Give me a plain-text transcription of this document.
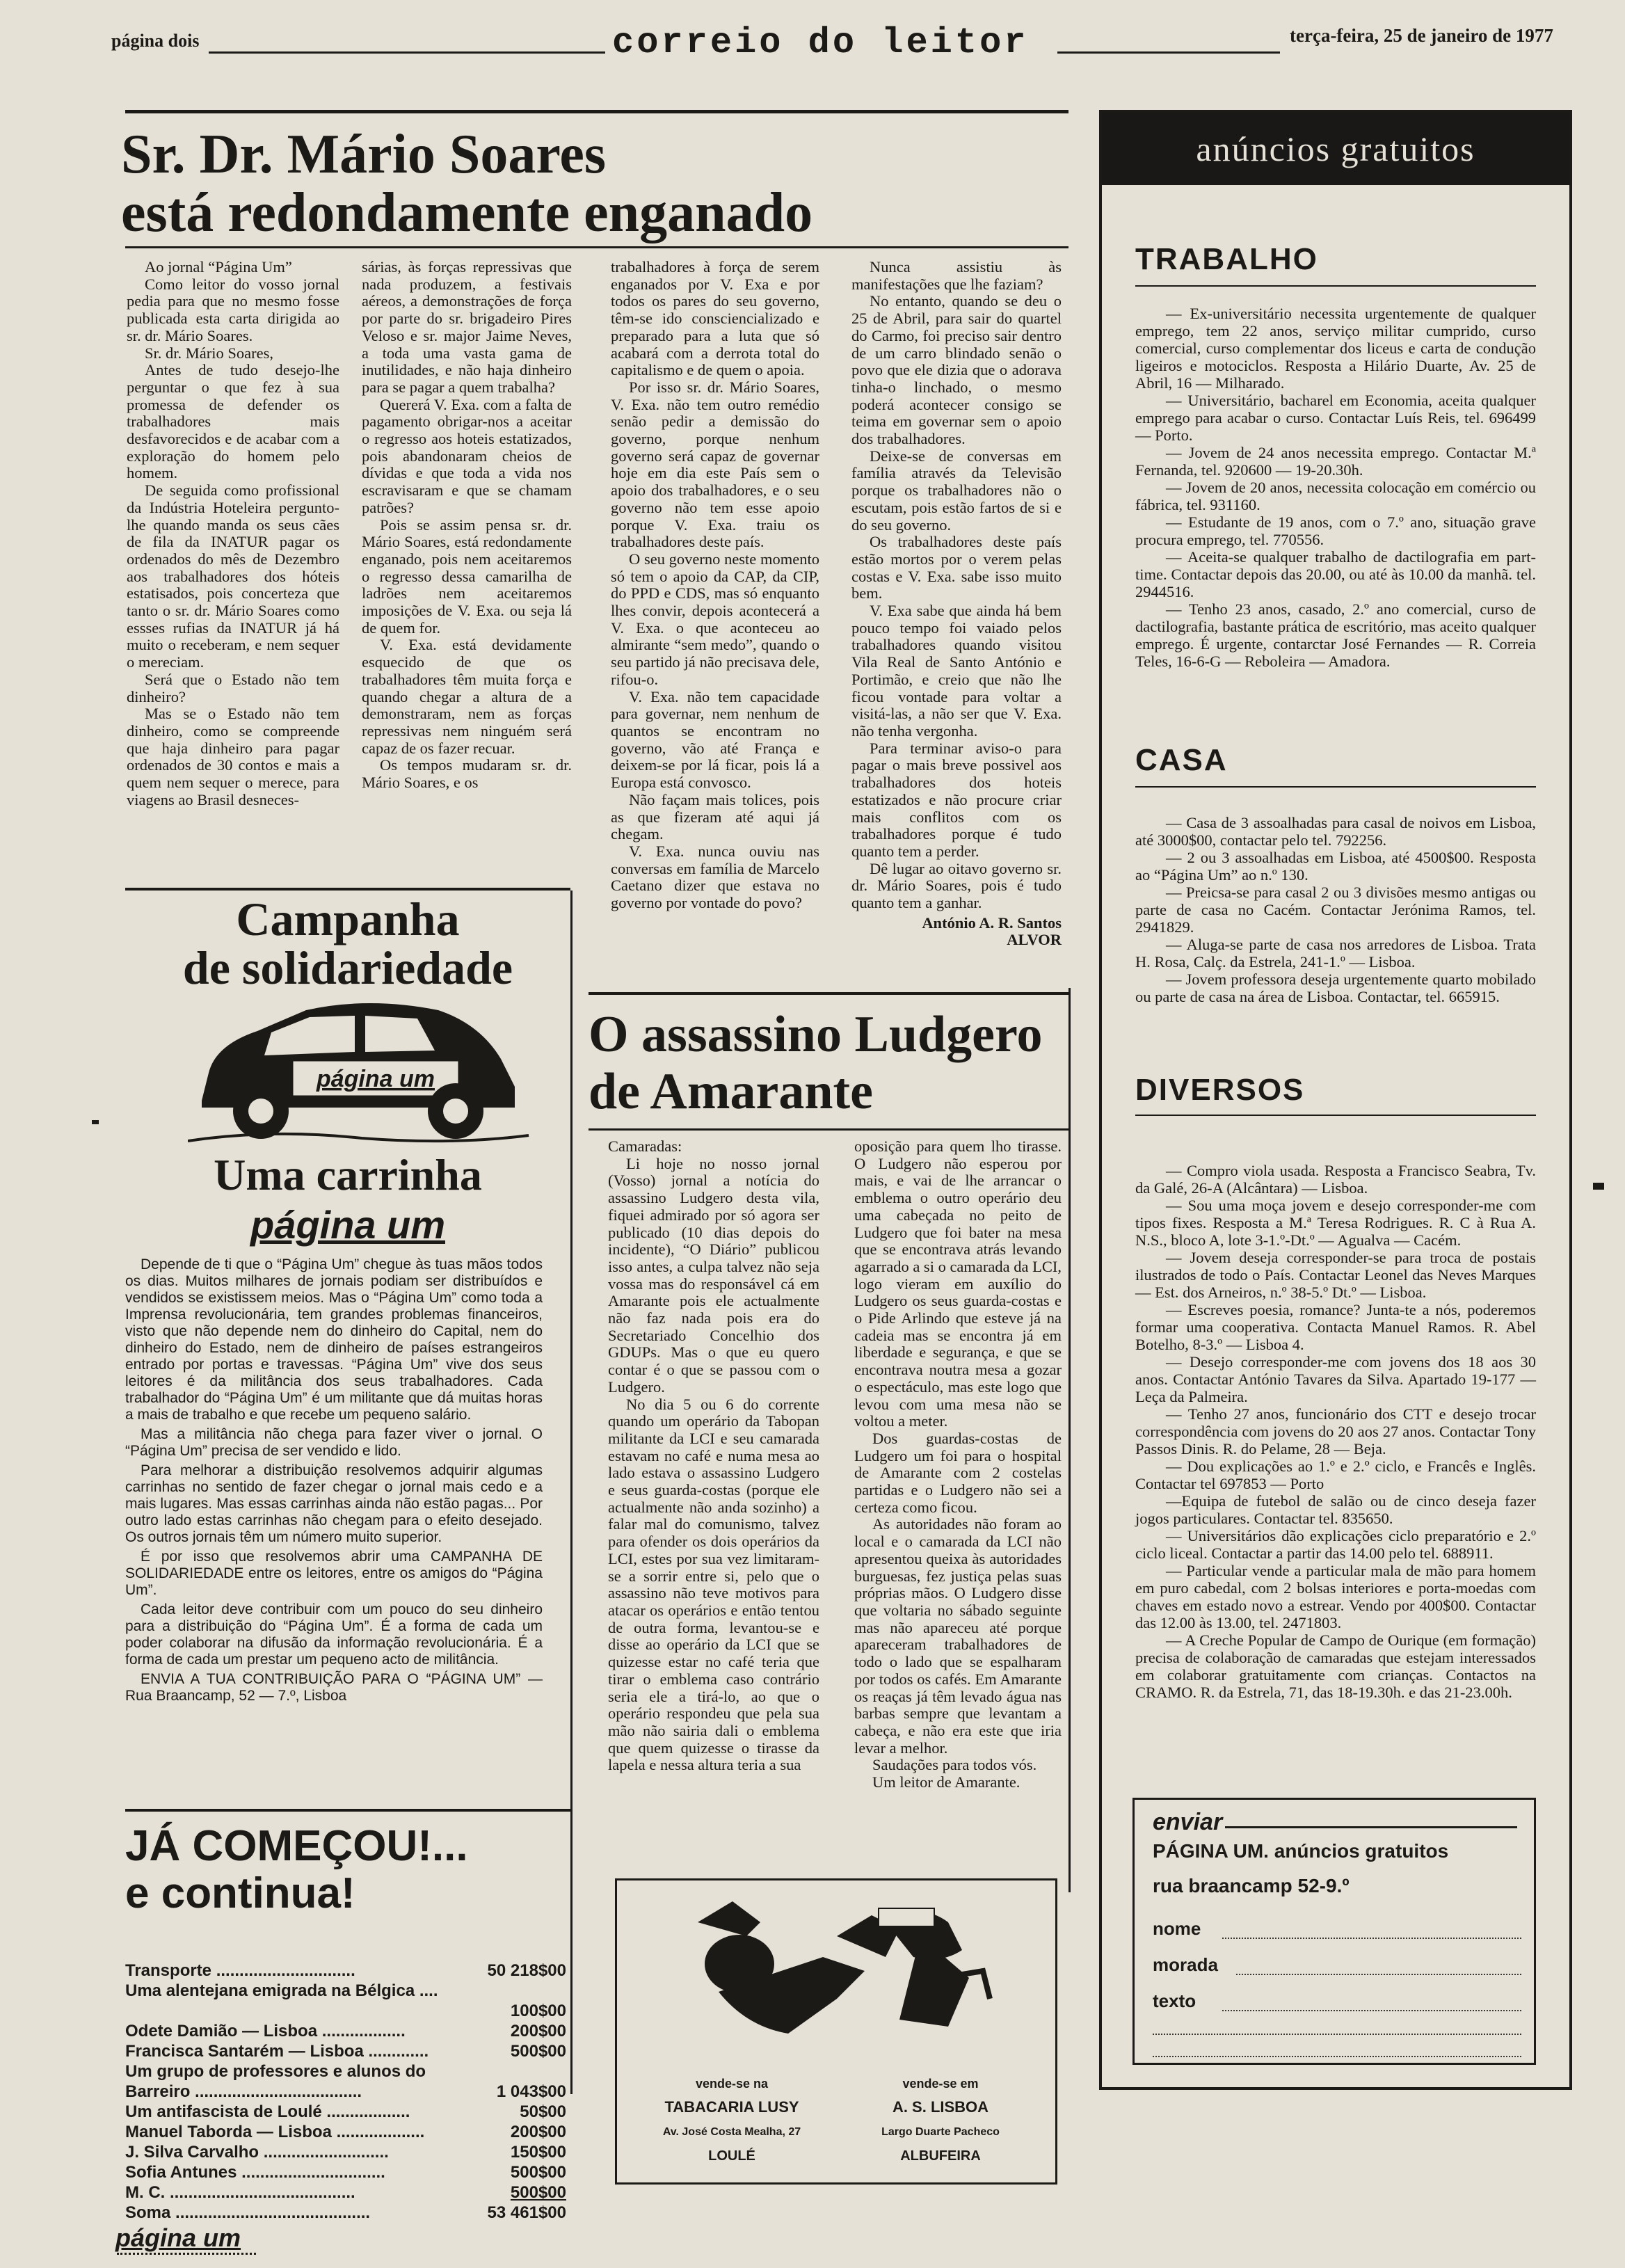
página dois	correio do leitor	terça-feira, 25 de janeiro de 1977
Sr. Dr. Mário Soares
está redondamente enganado

Ao jornal “Página Um”

Como leitor do vosso jornal pedia para que no mesmo fosse publicada esta carta dirigida ao sr. dr. Mário Soares.

Sr. dr. Mário Soares,

Antes de tudo desejo-lhe perguntar o que fez à sua promessa de defender os trabalhadores mais desfavorecidos e de acabar com a exploração do homem pelo homem.

De seguida como profissional da Indústria Hoteleira pergunto-lhe quando manda os seus cães de fila da INATUR pagar os ordenados do mês de Dezembro aos trabalhadores dos hóteis estatisados, pois concerteza que tanto o sr. dr. Mário Soares como essses rufias da INATUR já há muito o receberam, e nem sequer o mereciam.

Será que o Estado não tem dinheiro?

Mas se o Estado não tem dinheiro, como se compreende que haja dinheiro para pagar ordenados de 30 contos e mais a quem nem sequer o merece, para viagens ao Brasil desneces-

sárias, às forças repressivas que nada produzem, a festivais aéreos, a demonstrações de força por parte do sr. brigadeiro Pires Veloso e sr. major Jaime Neves, a toda uma vasta gama de inutilidades, e não haja dinheiro para se pagar a quem trabalha?

Quererá V. Exa. com a falta de pagamento obrigar-nos a aceitar o regresso aos hoteis estatizados, pois abandonaram cheios de dívidas e que toda a vida nos escravisaram e que se chamam patrões?

Pois se assim pensa sr. dr. Mário Soares, está redondamente enganado, pois nem aceitaremos o regresso dessa camarilha de ladrões nem aceitaremos imposições de V. Exa. ou seja lá de quem for.

V. Exa. está devidamente esquecido de que os trabalhadores têm muita força e quando chegar a altura de a demonstraram, nem as forças repressivas nem ninguém será capaz de os fazer recuar.

Os tempos mudaram sr. dr. Mário Soares, e os

trabalhadores à força de serem enganados por V. Exa e por todos os pares do seu governo, têm-se ido consciencializado e preparado para a luta que só acabará com a derrota total do capitalismo e de quem o apoia.

Por isso sr. dr. Mário Soares, V. Exa. não tem outro remédio senão pedir a demissão do governo, porque nenhum governo será capaz de governar hoje em dia este País sem o apoio dos trabalhadores, e o seu governo não tem esse apoio porque V. Exa. traiu os trabalhadores deste país.

O seu governo neste momento só tem o apoio da CAP, da CIP, do PPD e CDS, mas só enquanto lhes convir, depois acontecerá a V. Exa. o que aconteceu ao almirante “sem medo”, quando o seu partido já não precisava dele, rifou-o.

V. Exa. não tem capacidade para governar, nem nenhum de quantos se encontram no governo, vão até França e deixem-se por lá ficar, pois lá a Europa está convosco.

Não façam mais tolices, pois as que fizeram até aqui já chegam.

V. Exa. nunca ouviu nas conversas em família de Marcelo Caetano dizer que estava no governo por vontade do povo?

Nunca assistiu às manifestações que lhe faziam?

No entanto, quando se deu o 25 de Abril, para sair do quartel do Carmo, foi preciso sair dentro de um carro blindado senão o povo que ele dizia que o adorava tinha-o linchado, o mesmo poderá acontecer consigo se teima em governar sem o apoio dos trabalhadores.

Deixe-se de conversas em família através da Televisão porque os trabalhadores não o escutam, pois estão fartos de si e do seu governo.

Os trabalhadores deste país estão mortos por o verem pelas costas e V. Exa. sabe isso muito bem.

V. Exa sabe que ainda há bem pouco tempo foi vaiado pelos trabalhadores quando visitou Vila Real de Santo António e Portimão, e creio que não lhe ficou vontade para voltar a visitá-las, a não ser que V. Exa. não tenha vergonha.

Para terminar aviso-o para pagar o mais breve possivel aos trabalhadores dos hoteis estatizados e não procure criar mais conflitos com os trabalhadores porque é tudo quanto tem a perder.

Dê lugar ao oitavo governo sr. dr. Mário Soares, pois é tudo quanto tem a ganhar.

António A. R. Santos
ALVOR
Campanha
de solidariedade
página um
Uma carrinha
página um

Depende de ti que o “Página Um” chegue às tuas mãos todos os dias. Muitos milhares de jornais podiam ser distribuídos e vendidos se existissem meios. Mas o “Página Um” como toda a Imprensa revolucionária, tem grandes problemas financeiros, visto que não depende nem do dinheiro do Capital, nem do dinheiro do Estado, nem de dinheiro de países estrangeiros entrado por portas e travessas. “Página Um” vive dos seus leitores é da militância dos seus trabalhadores. Cada trabalhador do “Página Um” é um militante que dá muitas horas a mais de trabalho e que recebe um pequeno salário.

Mas a militância não chega para fazer viver o jornal. O “Página Um” precisa de ser vendido e lido.

Para melhorar a distribuição resolvemos adquirir algumas carrinhas no sentido de fazer chegar o jornal mais cedo e a mais lugares. Mas essas carrinhas ainda não estão pagas... Por outro lado estas carrinhas não chegam para o efeito desejado. Os outros jornais têm um número muito superior.

É por isso que resolvemos abrir uma CAMPANHA DE SOLIDARIEDADE entre os leitores, entre os amigos do “Página Um”.

Cada leitor deve contribuir com um pouco do seu dinheiro para a distribuição do “Página Um”. É a forma de cada um poder colaborar na difusão da informação revolucionária. É a forma de cada um prestar um pequeno acto de militância.

ENVIA A TUA CONTRIBUIÇÃO PARA O “PÁGINA UM” — Rua Braancamp, 52 — 7.º, Lisboa

JÁ COMEÇOU!...
e continua!
Transporte ..............................	50 218$00
Uma alentejana emigrada na Bélgica ....
100$00
Odete Damião — Lisboa ..................	200$00
Francisca Santarém — Lisboa .............	500$00
Um grupo de professores e alunos do
Barreiro ....................................	1 043$00
Um antifascista de Loulé ..................	50$00
Manuel Taborda — Lisboa ...................	200$00
J. Silva Carvalho ...........................	150$00
Sofia Antunes ...............................	500$00
M. C. ........................................	500$00
Soma ..........................................	53 461$00
página um
O assassino Ludgero
de Amarante

Camaradas:

Li hoje no nosso jornal (Vosso) jornal a notícia do assassino Ludgero desta vila, fiquei admirado por só agora ser publicado (10 dias depois do incidente), “O Diário” publicou isso antes, a culpa talvez não seja vossa mas do responsável cá em Amarante pois ele actualmente não faz nada pois era do Secretariado Concelhio dos GDUPs. Mas o que eu quero contar é o que se passou com o Ludgero.

No dia 5 ou 6 do corrente quando um operário da Tabopan militante da LCI e seu camarada estavam no café e numa mesa ao lado estava o assassino Ludgero e seus guarda-costas (porque ele actualmente não anda sozinho) a falar mal do comunismo, talvez para ofender os dois operários da LCI, estes por sua vez limitaram-se a sorrir entre si, pelo que o assassino não teve motivos para atacar os operários e então tentou de outra forma, levantou-se e disse ao operário da LCI que se quizesse estar no café teria que tirar o emblema caso contrário seria ele a tirá-lo, ao que o operário respondeu que pela sua mão não sairia dali o emblema que quem quizesse o tirasse da lapela e nessa altura teria a sua

oposição para quem lho tirasse. O Ludgero não esperou por mais, e vai de lhe arrancar o emblema o outro operário deu uma cabeçada no peito de Ludgero que foi bater na mesa que se encontrava atrás levando agarrado a si o camarada da LCI, logo vieram em auxílio do Ludgero os seus guarda-costas e o Pide Arlindo que esteve já na cadeia mas se encontra já em liberdade e segurança, e que se encontrava noutra mesa a gozar o espectáculo, mas este logo que levou com uma mesa não se voltou a meter.

Dos guardas-costas de Ludgero um foi para o hospital de Amarante com 2 costelas partidas e o Ludgero não sei a certeza como ficou.

As autoridades não foram ao local e o camarada da LCI não apresentou queixa às autoridades burguesas, fez justiça pelas suas próprias mãos. O Ludgero disse que voltaria no sábado seguinte mas não apareceu até porque apareceram trabalhadores de todo o lado que se espalharam por todos os cafés. Em Amarante os reaças já têm levado água nas barbas sempre que levantam a cabeça, e não era este que iria levar a melhor.

Saudações para todos vós.

Um leitor de Amarante.

vende-se na
TABACARIA LUSY
Av. José Costa Mealha, 27
LOULÉ
vende-se em
A. S. LISBOA
Largo Duarte Pacheco
ALBUFEIRA
anúncios gratuitos
TRABALHO

— Ex-universitário necessita urgentemente de qualquer emprego, tem 22 anos, serviço militar cumprido, curso comercial, curso complementar dos liceus e carta de condução ligeiros e motociclos. Resposta a Hilário Duarte, Av. 25 de Abril, 16 — Milharado.

— Universitário, bacharel em Economia, aceita qualquer emprego para acabar o curso. Contactar Luís Reis, tel. 696499 — Porto.

— Jovem de 24 anos necessita emprego. Contactar M.ª Fernanda, tel. 920600 — 19-20.30h.

— Jovem de 20 anos, necessita colocação em comércio ou fábrica, tel. 931160.

— Estudante de 19 anos, com o 7.º ano, situação grave procura emprego, tel. 770556.

— Aceita-se qualquer trabalho de dactilografia em part-time. Contactar depois das 20.00, ou até às 10.00 da manhã. tel. 2944516.

— Tenho 23 anos, casado, 2.º ano comercial, curso de dactilografia, bastante prática de escritório, mas aceito qualquer emprego. É urgente, contarctar José Fernandes — R. Correia Teles, 16-6-G — Reboleira — Amadora.

CASA

— Casa de 3 assoalhadas para casal de noivos em Lisboa, até 3000$00, contactar pelo tel. 792256.

— 2 ou 3 assoalhadas em Lisboa, até 4500$00. Resposta ao “Página Um” ao n.º 130.

— Preicsa-se para casal 2 ou 3 divisões mesmo antigas ou parte de casa no Cacém. Contactar Jerónima Ramos, tel. 2941829.

— Aluga-se parte de casa nos arredores de Lisboa. Trata H. Rosa, Calç. da Estrela, 241-1.º — Lisboa.

— Jovem professora deseja urgentemente quarto mobilado ou parte de casa na área de Lisboa. Contactar, tel. 665915.

DIVERSOS

— Compro viola usada. Resposta a Francisco Seabra, Tv. da Galé, 26-A (Alcântara) — Lisboa.

— Sou uma moça jovem e desejo corresponder-me com tipos fixes. Resposta a M.ª Teresa Rodrigues. R. C à Rua A. N.S., bloco A, lote 3-1.º-Dt.º — Agualva — Cacém.

— Jovem deseja corresponder-se para troca de postais ilustrados de todo o País. Contactar Leonel das Neves Marques — Est. dos Arneiros, n.º 38-5.º Dt.º — Lisboa.

— Escreves poesia, romance? Junta-te a nós, poderemos formar uma cooperativa. Contacta Manuel Ramos. R. Abel Botelho, 8-3.º — Lisboa 4.

— Desejo corresponder-me com jovens dos 18 aos 30 anos. Contactar António Tavares da Silva. Apartado 19-177 — Leça da Palmeira.

— Tenho 27 anos, funcionário dos CTT e desejo trocar correspondência com jovens do 20 aos 27 anos. Contactar Tony Passos Dinis. R. do Pelame, 28 — Beja.

— Dou explicações ao 1.º e 2.º ciclo, e Francês e Inglês. Contactar tel 697853 — Porto

—Equipa de futebol de salão ou de cinco deseja fazer jogos particulares. Contactar tel. 835650.

— Universitários dão explicações ciclo preparatório e 2.º ciclo liceal. Contactar a partir das 14.00 pelo tel. 688911.

— Particular vende a particular mala de mão para homem em puro cabedal, com 2 bolsas interiores e porta-moedas com chaves em estado novo a estrear. Vendo por 400$00. Contactar das 12.00 às 13.00, tel. 2471803.

— A Creche Popular de Campo de Ourique (em formação) precisa de colaboração de camaradas que estejam interessados em colaborar gratuitamente com crianças. Contactos na CRAMO. R. da Estrela, 71, das 18-19.30h. e das 21-23.00h.

enviar
PÁGINA UM. anúncios gratuitos
rua braancamp 52-9.º
nome
morada
texto
